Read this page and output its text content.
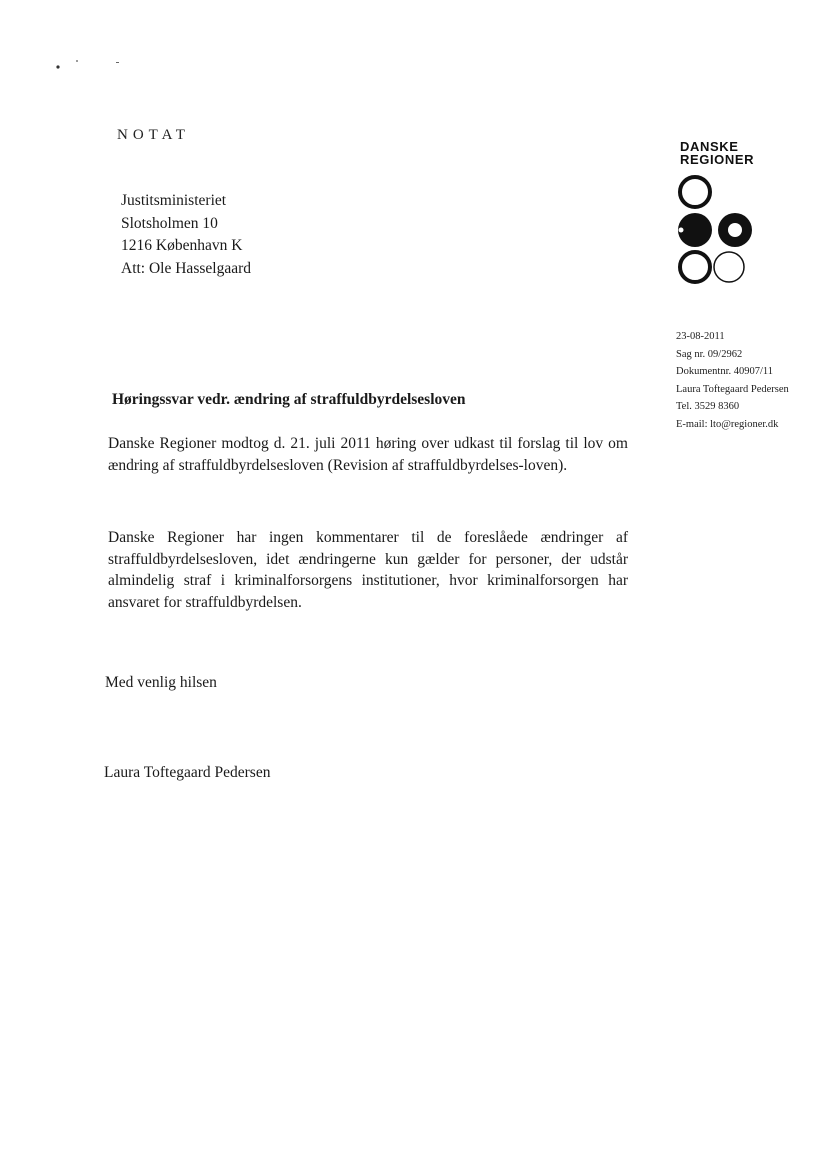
NOTAT
Justitsministeriet
Slotsholmen 10
1216 København K
Att: Ole Hasselgaard
DANSKE
REGIONER
23-08-2011
Sag nr. 09/2962
Dokumentnr. 40907/11
Laura Toftegaard Pedersen
Tel. 3529 8360
E-mail: lto@regioner.dk
Høringssvar vedr. ændring af straffuldbyrdelsesloven
Danske Regioner modtog d. 21. juli 2011 høring over udkast til forslag til lov om ændring af straffuldbyrdelsesloven (Revision af straffuldbyrdelses-loven).
Danske Regioner har ingen kommentarer til de foreslåede ændringer af straffuldbyrdelsesloven, idet ændringerne kun gælder for personer, der udstår almindelig straf i kriminalforsorgens institutioner, hvor kriminalforsorgen har ansvaret for straffuldbyrdelsen.
Med venlig hilsen
Laura Toftegaard Pedersen
